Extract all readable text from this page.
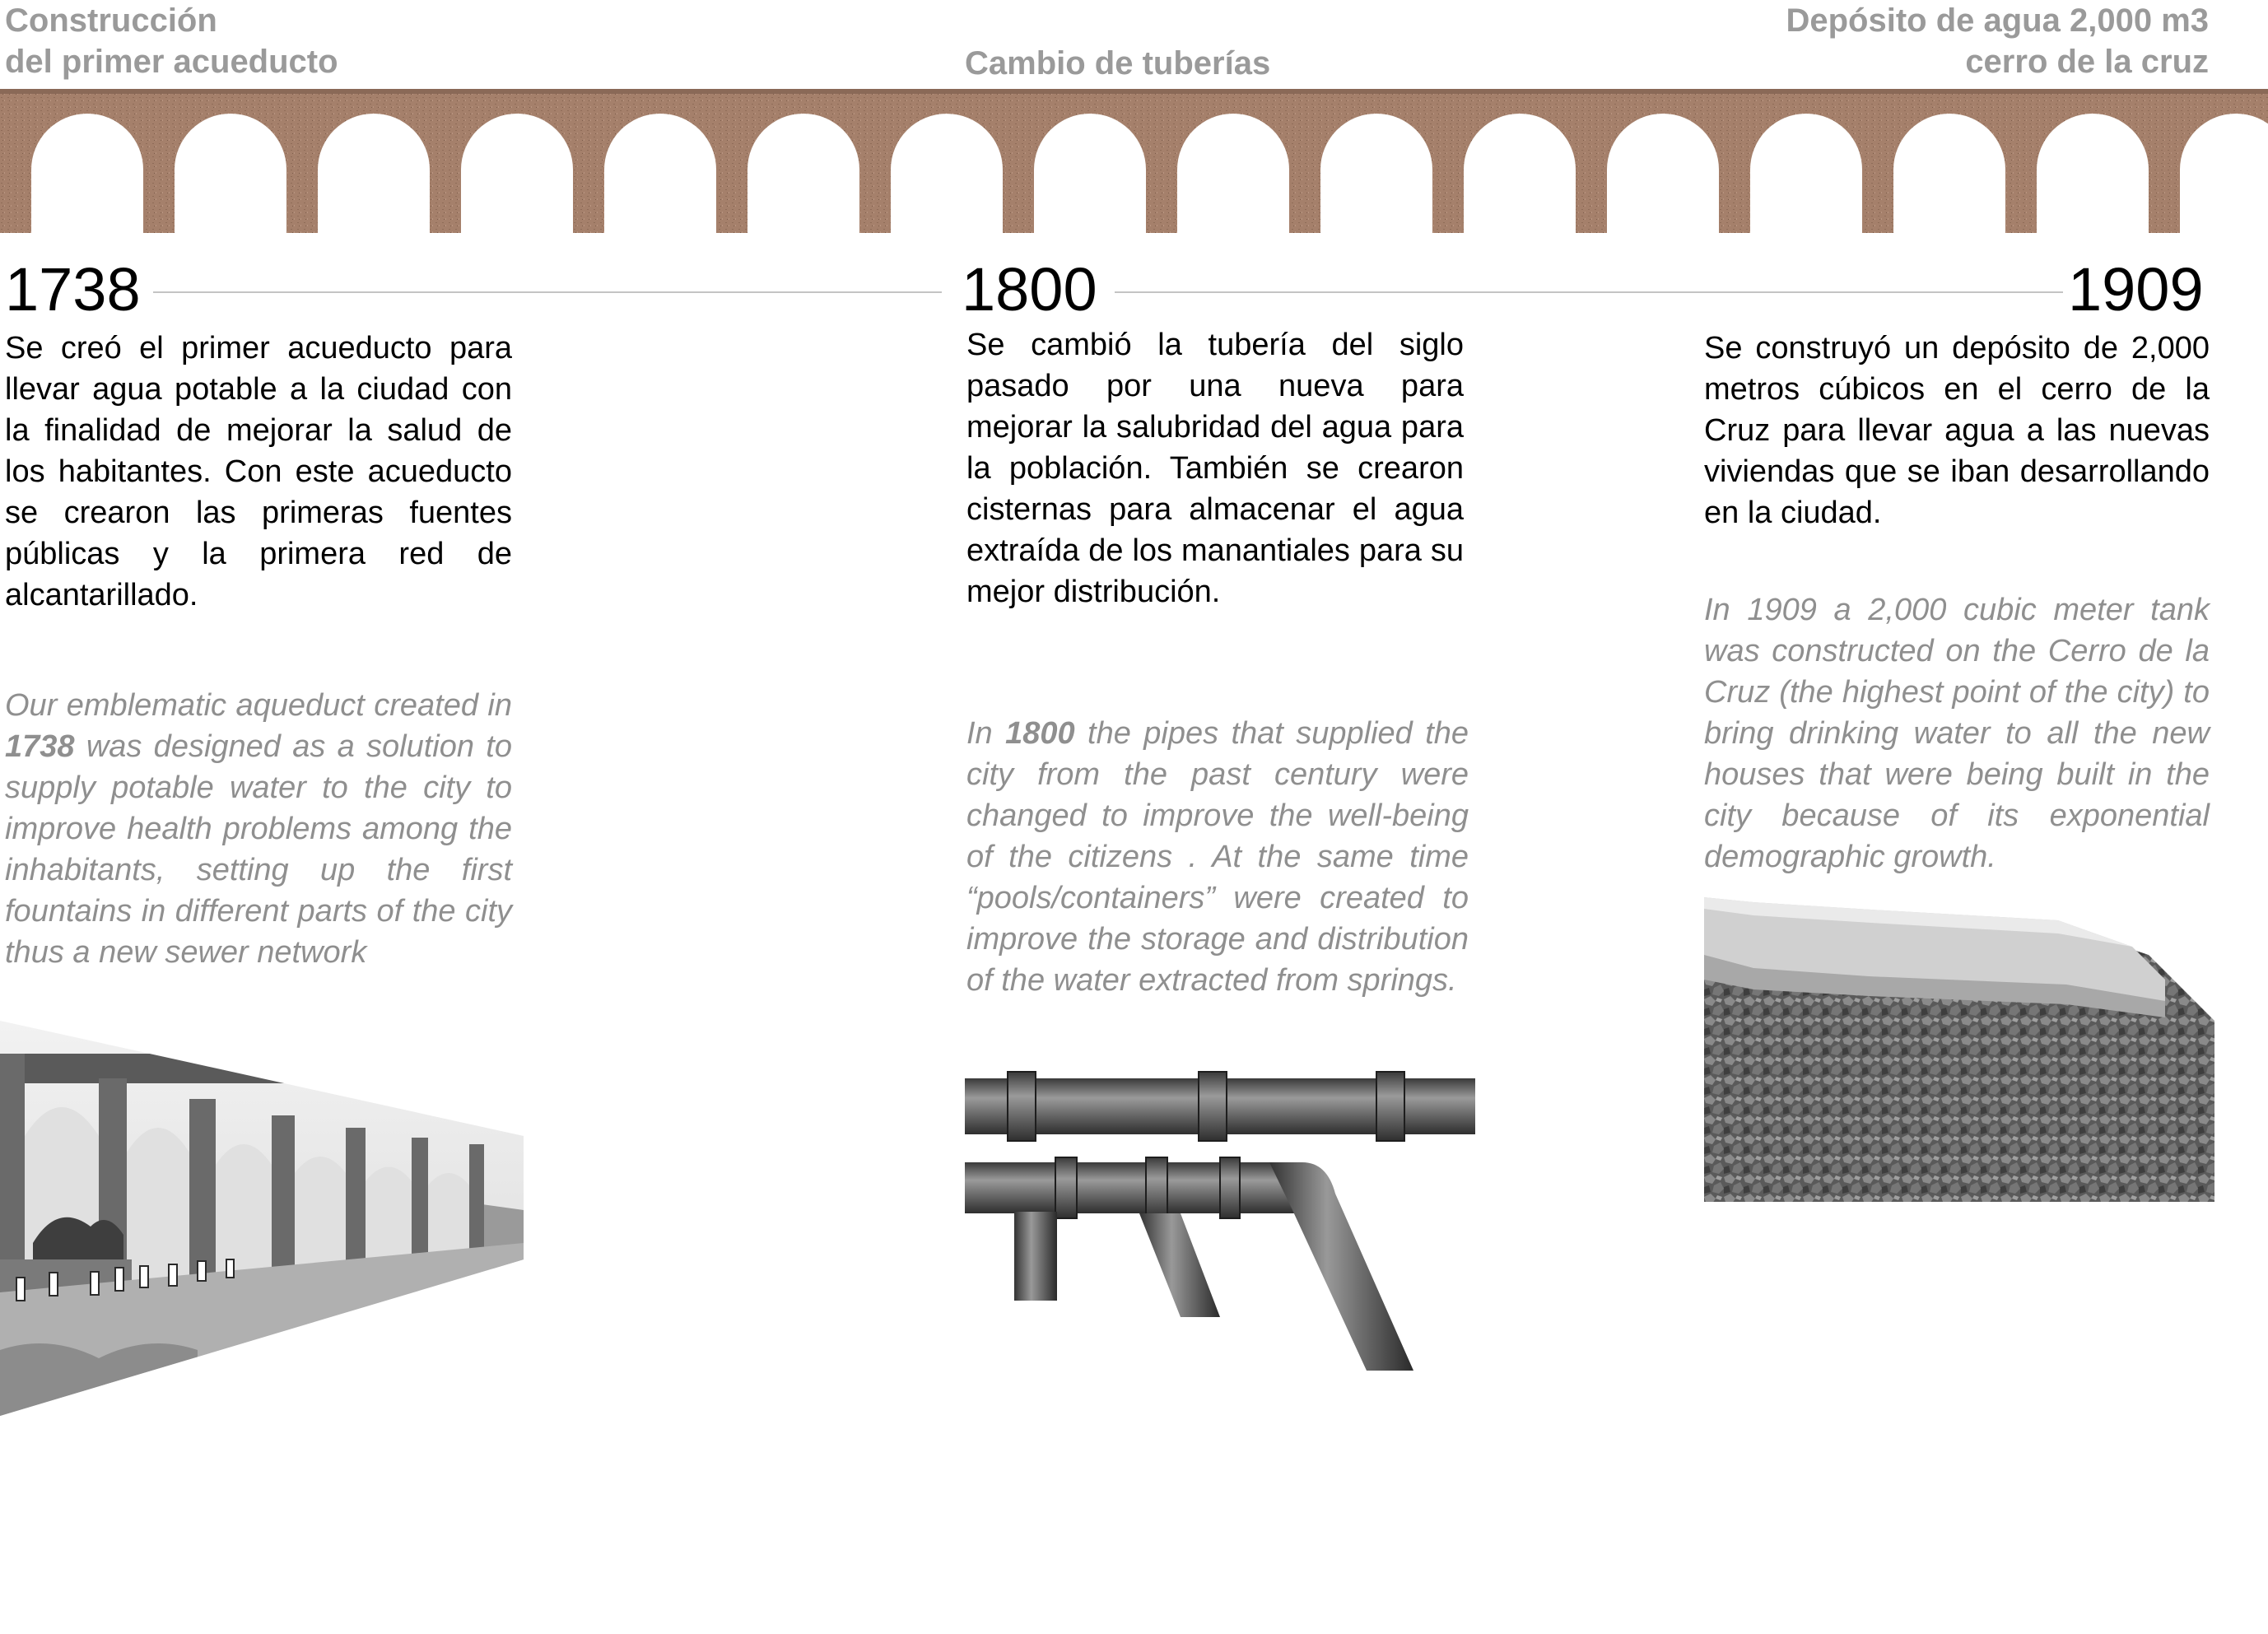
Construcción
del primer acueducto	Cambio de tuberías
Depósito de agua 2,000 m3
cerro de la cruz
1738

Se creó el primer acueducto para llevar agua potable a la ciudad con la finalidad de mejorar la salud de los habitantes. Con este acueducto se crearon las primeras fuentes públicas y la primera red de alcantarillado.

Our emblematic aqueduct created in 1738 was designed as a solution to supply potable water to the city to improve health problems among the inhabitants, setting up the first fountains in different parts of the city thus a new sewer network

1800

Se cambió la tubería del siglo pasado por una nueva para mejorar la salubridad del agua para la población. También se crearon cisternas para almacenar el agua extraída de los manantiales para su mejor distribución.

In 1800 the pipes that supplied the city from the past century were changed to improve the well-being of the citizens . At the same time “pools/containers” were created to improve the storage and distribution of the water extracted from springs.

1909

Se construyó un depósito de 2,000 metros cúbicos en el cerro de la Cruz para llevar agua a las nuevas viviendas que se iban desarrollando en la ciudad.

In 1909 a 2,000 cubic meter tank was constructed on the Cerro de la Cruz (the highest point of the city) to bring drinking water to all the new houses that were being built in the city because of its exponential demographic growth.
